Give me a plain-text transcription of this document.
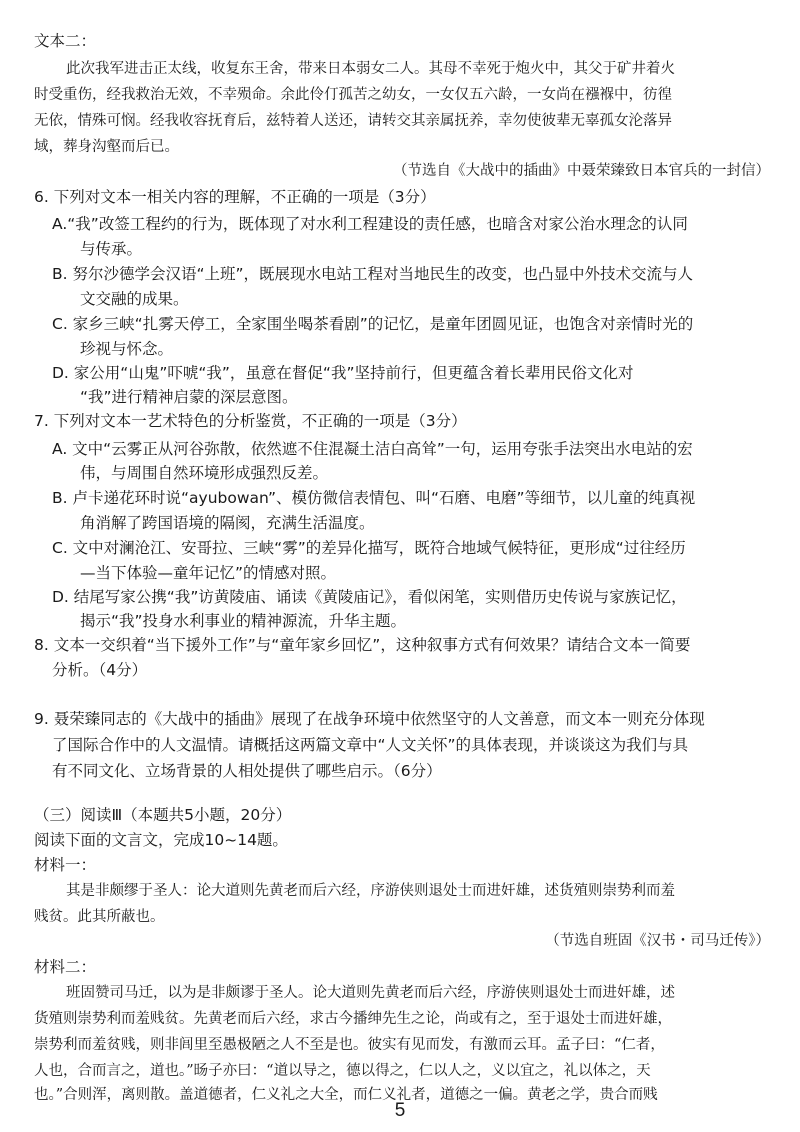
文本二：
此次我军进击正太线，收复东王舍，带来日本弱女二人。其母不幸死于炮火中，其父于矿井着火
时受重伤，经我救治无效，不幸殒命。余此伶仃孤苦之幼女，一女仅五六龄，一女尚在襁褓中，彷徨
无依，情殊可悯。经我收容抚育后，兹特着人送还，请转交其亲属抚养，幸勿使彼辈无辜孤女沦落异
域，葬身沟壑而后已。
（节选自《大战中的插曲》中聂荣臻致日本官兵的一封信）
6. 下列对文本一相关内容的理解，不正确的一项是（3分）
A.“我”改签工程约的行为，既体现了对水利工程建设的责任感，也暗含对家公治水理念的认同
与传承。
B. 努尔沙德学会汉语“上班”，既展现水电站工程对当地民生的改变，也凸显中外技术交流与人
文交融的成果。
C. 家乡三峡“扎雾天停工，全家围坐喝茶看剧”的记忆，是童年团圆见证，也饱含对亲情时光的
珍视与怀念。
D. 家公用“山鬼”吓唬“我”，虽意在督促“我”坚持前行，但更蕴含着长辈用民俗文化对
“我”进行精神启蒙的深层意图。
7. 下列对文本一艺术特色的分析鉴赏，不正确的一项是（3分）
A. 文中“云雾正从河谷弥散，依然遮不住混凝土洁白高耸”一句，运用夸张手法突出水电站的宏
伟，与周围自然环境形成强烈反差。
B. 卢卡递花环时说“ayubowan”、模仿微信表情包、叫“石磨、电磨”等细节，以儿童的纯真视
角消解了跨国语境的隔阂，充满生活温度。
C. 文中对澜沧江、安哥拉、三峡“雾”的差异化描写，既符合地域气候特征，更形成“过往经历
—当下体验—童年记忆”的情感对照。
D. 结尾写家公携“我”访黄陵庙、诵读《黄陵庙记》，看似闲笔，实则借历史传说与家族记忆，
揭示“我”投身水利事业的精神源流，升华主题。
8. 文本一交织着“当下援外工作”与“童年家乡回忆”，这种叙事方式有何效果？请结合文本一简要
分析。（4分）
9. 聂荣臻同志的《大战中的插曲》展现了在战争环境中依然坚守的人文善意，而文本一则充分体现
了国际合作中的人文温情。请概括这两篇文章中“人文关怀”的具体表现，并谈谈这为我们与具
有不同文化、立场背景的人相处提供了哪些启示。（6分）
（三）阅读Ⅲ（本题共5小题，20分）
阅读下面的文言文，完成10~14题。
材料一：
其是非颇缪于圣人：论大道则先黄老而后六经，序游侠则退处士而进奸雄，述货殖则崇势利而羞
贱贫。此其所蔽也。
（节选自班固《汉书・司马迁传》）
材料二：
班固赞司马迁，以为是非颇谬于圣人。论大道则先黄老而后六经，序游侠则退处士而进奸雄，述
货殖则崇势利而羞贱贫。先黄老而后六经，求古今播绅先生之论，尚或有之，至于退处士而进奸雄，
崇势利而羞贫贱，则非闾里至愚极陋之人不至是也。彼实有见而发，有激而云耳。孟子曰：“仁者，
人也，合而言之，道也。”旸子亦曰：“道以导之，德以得之，仁以人之，义以宜之，礼以体之，天
也。”合则浑，离则散。盖道德者，仁义礼之大全，而仁义礼者，道德之一偏。黄老之学，贵合而贱
5
